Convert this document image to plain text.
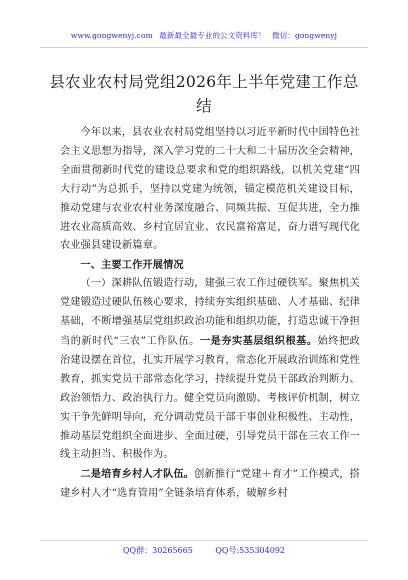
www.gongwenyj.com 最新最全最专业的公文资料库！ 微信：gongwenyj
县农业农村局党组2026年上半年党建工作总结

今年以来，县农业农村局党组坚持以习近平新时代中国特色社会主义思想为指导，深入学习党的二十大和二十届历次全会精神，全面贯彻新时代党的建设总要求和党的组织路线，以机关党建“四大行动”为总抓手，坚持以党建为统领，锚定模范机关建设目标，推动党建与农业农村业务深度融合、同频共振、互促共进，全力推进农业高质高效、乡村宜居宜业、农民富裕富足，奋力谱写现代化农业强县建设新篇章。

一、主要工作开展情况

（一）深耕队伍锻造行动，建强三农工作过硬铁军。聚焦机关党建锻造过硬队伍核心要求，持续夯实组织基础、人才基础、纪律基础，不断增强基层党组织政治功能和组织功能，打造忠诚干净担当的新时代“三农”工作队伍。一是夯实基层组织根基。始终把政治建设摆在首位，扎实开展学习教育，常态化开展政治训练和党性教育，抓实党员干部常态化学习，持续提升党员干部政治判断力、政治领悟力、政治执行力。健全党员向激励、考核评价机制，树立实干争先鲜明导向，充分调动党员干部干事创业积极性、主动性，推动基层党组织全面进步、全面过硬，引导党员干部在三农工作一线主动担当、积极作为。

二是培育乡村人才队伍。创新推行“党建＋育才”工作模式，搭建乡村人才“选育管用”全链条培育体系，破解乡村

QQ群：30265665	QQ号:535304092
